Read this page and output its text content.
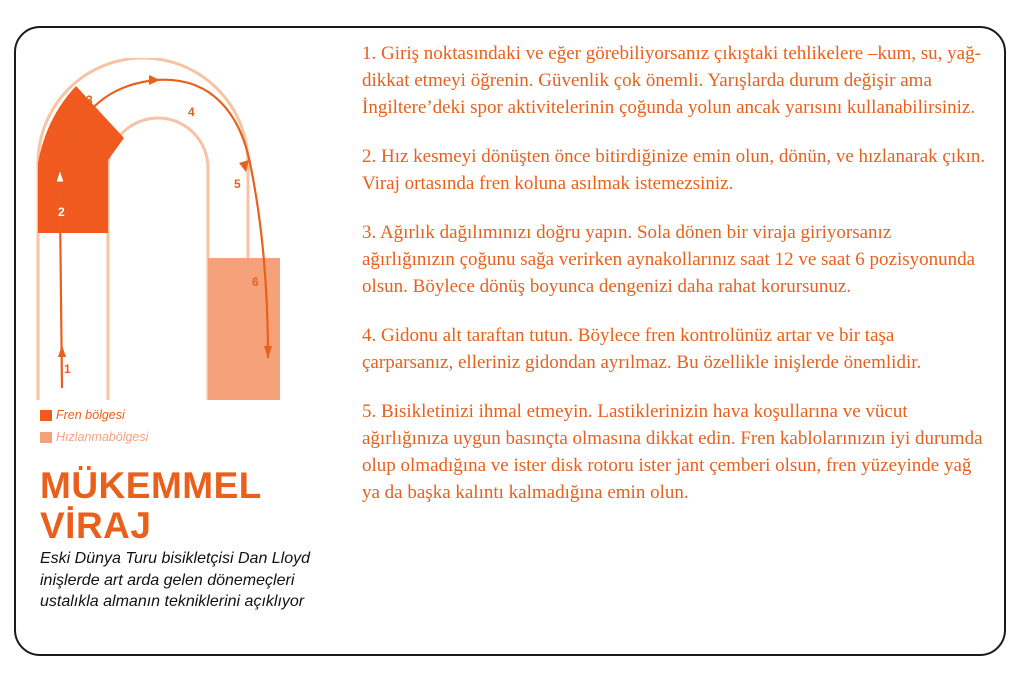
1
2
3
4
5
6
Fren bölgesi
Hızlanmabölgesi
MÜKEMMEL
VİRAJ
Eski Dünya Turu bisikletçisi Dan Lloyd inişlerde art arda gelen dönemeçleri ustalıkla almanın tekniklerini açıklıyor

1. Giriş noktasındaki ve eğer görebiliyorsanız çıkıştaki tehlikelere –kum, su, yağ- dikkat etmeyi öğrenin. Güvenlik çok önemli. Yarışlarda durum değişir ama İngiltere’deki spor aktivitelerinin çoğunda yolun ancak yarısını kullanabilirsiniz.

2. Hız kesmeyi dönüşten önce bitirdiğinize emin olun, dönün, ve hızlanarak çıkın. Viraj ortasında fren koluna asılmak istemezsiniz.

3. Ağırlık dağılımınızı doğru yapın. Sola dönen bir viraja giriyorsanız ağırlığınızın çoğunu sağa verirken aynakollarınız saat 12 ve saat 6 pozisyonunda olsun. Böylece dönüş boyunca dengenizi daha rahat korursunuz.

4. Gidonu alt taraftan tutun. Böylece fren kontrolünüz artar ve bir taşa çarparsanız, elleriniz gidondan ayrılmaz. Bu özellikle inişlerde önemlidir.

5. Bisikletinizi ihmal etmeyin. Lastiklerinizin hava koşullarına ve vücut ağırlığınıza uygun basınçta olmasına dikkat edin. Fren kablolarınızın iyi durumda olup olmadığına ve ister disk rotoru ister jant çemberi olsun, fren yüzeyinde yağ ya da başka kalıntı kalmadığına emin olun.
